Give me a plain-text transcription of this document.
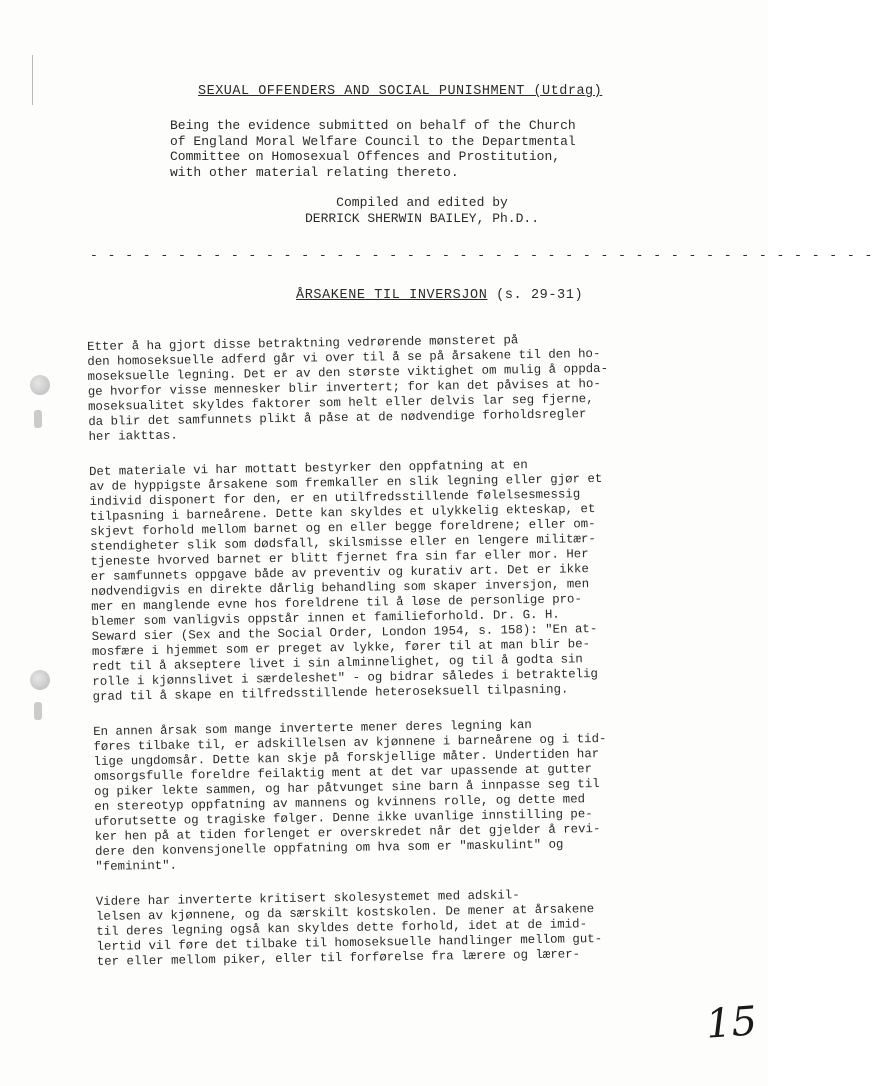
SEXUAL OFFENDERS AND SOCIAL PUNISHMENT (Utdrag)
Being the evidence submitted on behalf of the Church
of England Moral Welfare Council to the Departmental
Committee on Homosexual Offences and Prostitution,
with other material relating thereto.
Compiled and edited by
DERRICK SHERWIN BAILEY, Ph.D..
- - - - - - - - - - - - - - - - - - - - - - - - - - - - - - - - - - - - - - - - - - - - -
ÅRSAKENE TIL INVERSJON (s. 29-31)

Etter å ha gjort disse betraktning vedrørende mønsteret på
den homoseksuelle adferd går vi over til å se på årsakene til den ho-
moseksuelle legning. Det er av den største viktighet om mulig å oppda-
ge hvorfor visse mennesker blir invertert; for kan det påvises at ho-
moseksualitet skyldes faktorer som helt eller delvis lar seg fjerne,
da blir det samfunnets plikt å påse at de nødvendige forholdsregler
her iakttas.

Det materiale vi har mottatt bestyrker den oppfatning at en
av de hyppigste årsakene som fremkaller en slik legning eller gjør et
individ disponert for den, er en utilfredsstillende følelsesmessig
tilpasning i barneårene. Dette kan skyldes et ulykkelig ekteskap, et
skjevt forhold mellom barnet og en eller begge foreldrene; eller om-
stendigheter slik som dødsfall, skilsmisse eller en lengere militær-
tjeneste hvorved barnet er blitt fjernet fra sin far eller mor. Her
er samfunnets oppgave både av preventiv og kurativ art. Det er ikke
nødvendigvis en direkte dårlig behandling som skaper inversjon, men
mer en manglende evne hos foreldrene til å løse de personlige pro-
blemer som vanligvis oppstår innen et familieforhold. Dr. G. H.
Seward sier (Sex and the Social Order, London 1954, s. 158): "En at-
mosfære i hjemmet som er preget av lykke, fører til at man blir be-
redt til å akseptere livet i sin alminnelighet, og til å godta sin
rolle i kjønnslivet i særdeleshet" - og bidrar således i betraktelig
grad til å skape en tilfredsstillende heteroseksuell tilpasning.

En annen årsak som mange inverterte mener deres legning kan
føres tilbake til, er adskillelsen av kjønnene i barneårene og i tid-
lige ungdomsår. Dette kan skje på forskjellige måter. Undertiden har
omsorgsfulle foreldre feilaktig ment at det var upassende at gutter
og piker lekte sammen, og har påtvunget sine barn å innpasse seg til
en stereotyp oppfatning av mannens og kvinnens rolle, og dette med
uforutsette og tragiske følger. Denne ikke uvanlige innstilling pe-
ker hen på at tiden forlenget er overskredet når det gjelder å revi-
dere den konvensjonelle oppfatning om hva som er "maskulint" og
"feminint".

Videre har inverterte kritisert skolesystemet med adskil-
lelsen av kjønnene, og da særskilt kostskolen. De mener at årsakene
til deres legning også kan skyldes dette forhold, idet at de imid-
lertid vil føre det tilbake til homoseksuelle handlinger mellom gut-
ter eller mellom piker, eller til forførelse fra lærere og lærer-

15
